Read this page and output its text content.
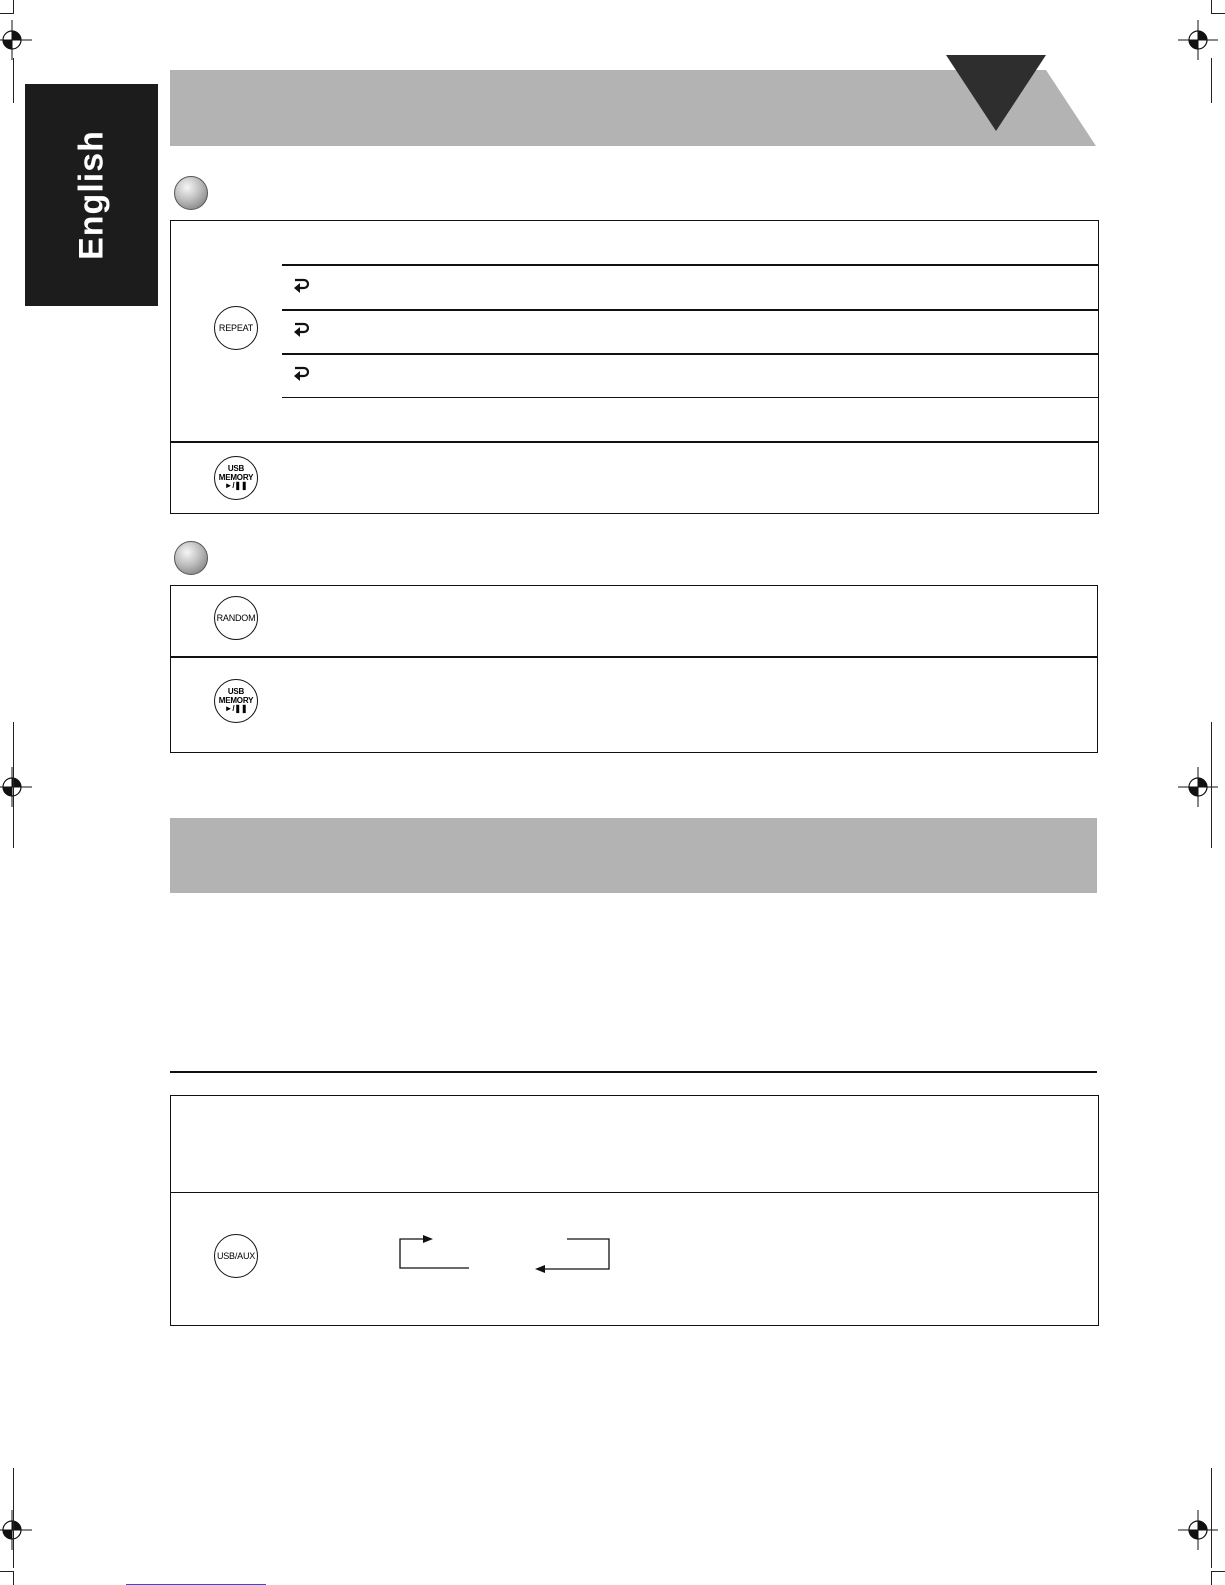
English
REPEAT
USB
MEMORY
►/❚❚
RANDOM
USB
MEMORY
►/❚❚
USB/AUX
